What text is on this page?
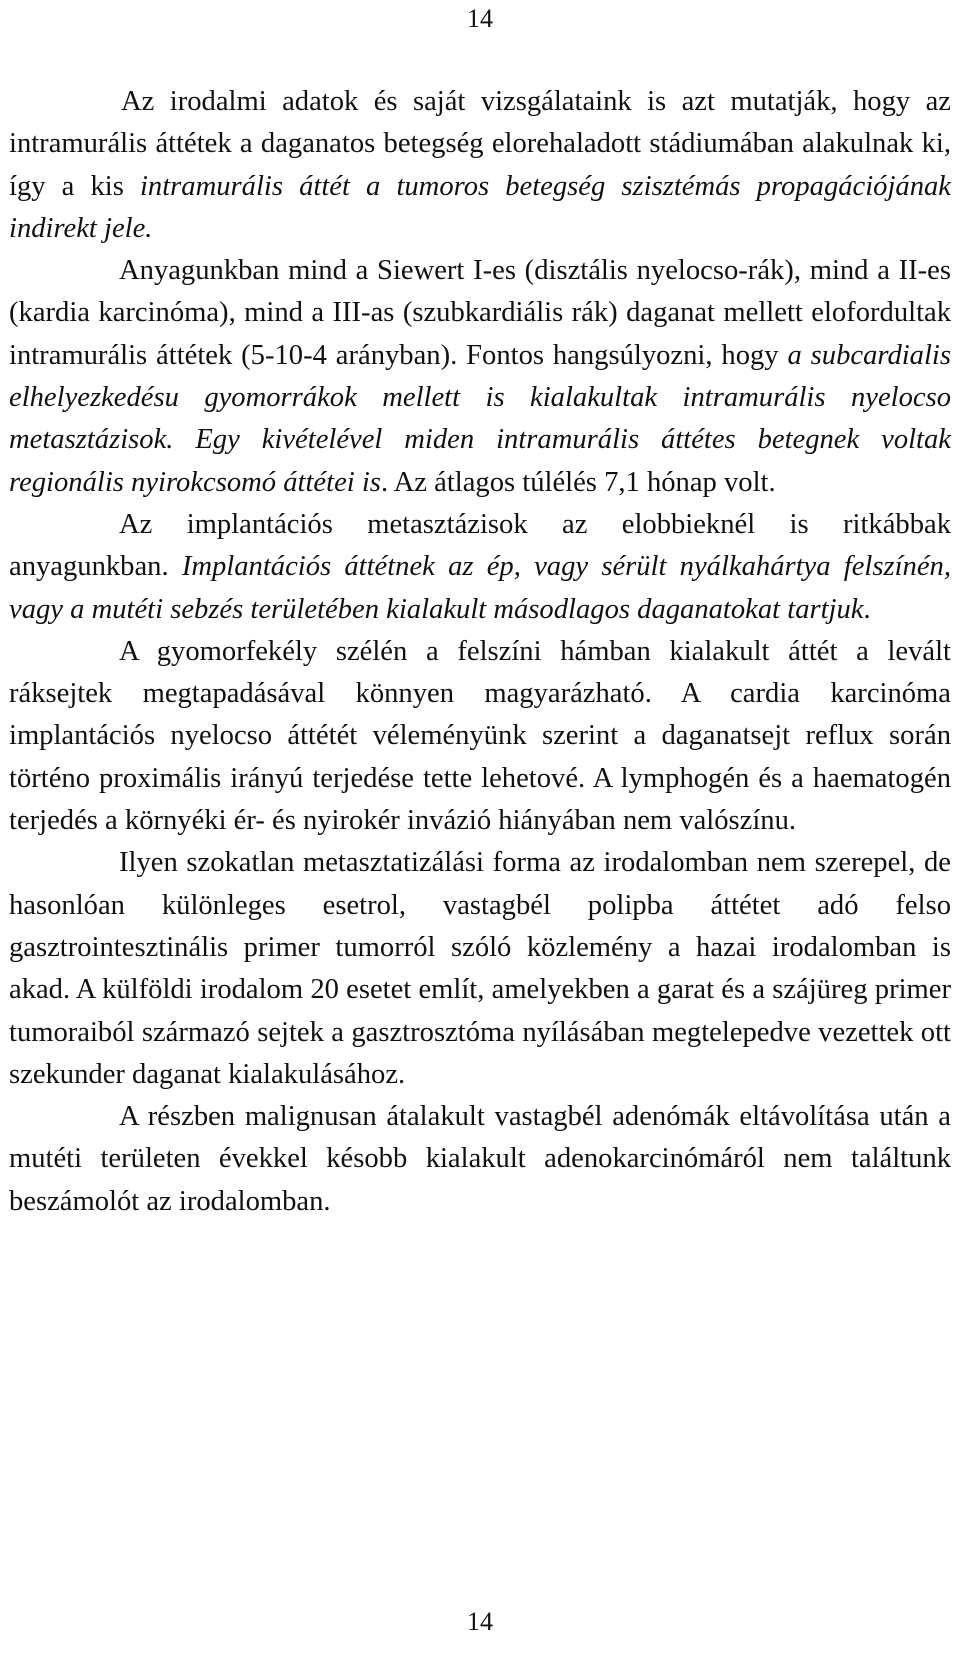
14

Az irodalmi adatok és saját vizsgálataink is azt mutatják, hogy az intramurális áttétek a daganatos betegség elorehaladott stádiumában alakulnak ki, így a kis intramurális áttét a tumoros betegség szisztémás propagációjának indirekt jele.

Anyagunkban mind a Siewert I-es (disztális nyelocso-rák), mind a II-es (kardia karcinóma), mind a III-as (szubkardiális rák) daganat mellett elofordultak intramurális áttétek (5-10-4 arányban). Fontos hangsúlyozni, hogy a subcardialis elhelyezkedésu gyomorrákok mellett is kialakultak intramurális nyelocso metasztázisok. Egy kivételével miden intramurális áttétes betegnek voltak regionális nyirokcsomó áttétei is. Az átlagos túlélés 7,1 hónap volt.

Az implantációs metasztázisok az elobbieknél is ritkábbak anyagunkban. Implantációs áttétnek az ép, vagy sérült nyálkahártya felszínén, vagy a mutéti sebzés területében kialakult másodlagos daganatokat tartjuk.

A gyomorfekély szélén a felszíni hámban kialakult áttét a levált ráksejtek megtapadásával könnyen magyarázható. A cardia karcinóma implantációs nyelocso áttétét véleményünk szerint a daganatsejt reflux során történo proximális irányú terjedése tette lehetové. A lymphogén és a haematogén terjedés a környéki ér- és nyirokér invázió hiányában nem valószínu.

Ilyen szokatlan metasztatizálási forma az irodalomban nem szerepel, de hasonlóan különleges esetrol, vastagbél polipba áttétet adó felso gasztrointesztinális primer tumorról szóló közlemény a hazai irodalomban is akad. A külföldi irodalom 20 esetet említ, amelyekben a garat és a szájüreg primer tumoraiból származó sejtek a gasztrosztóma nyílásában megtelepedve vezettek ott szekunder daganat kialakulásához.

A részben malignusan átalakult vastagbél adenómák eltávolítása után a mutéti területen évekkel késobb kialakult adenokarcinómáról nem találtunk beszámolót az irodalomban.

14
